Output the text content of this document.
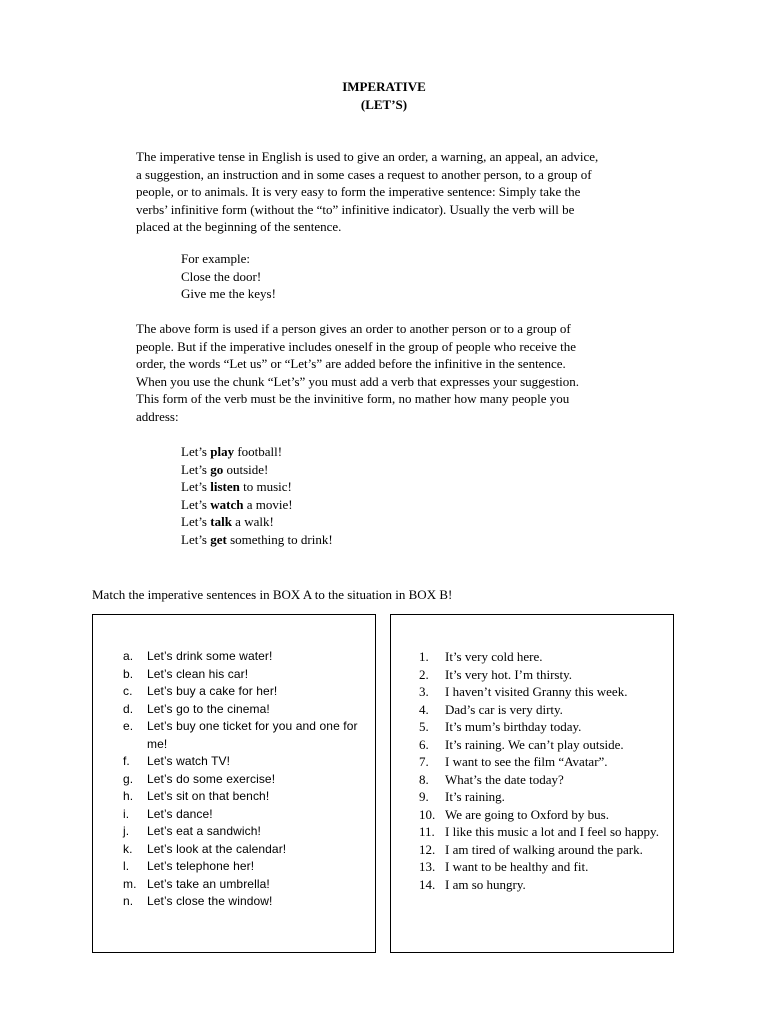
IMPERATIVE
(LET’S)
The imperative tense in English is used to give an order, a warning, an appeal, an advice,
a suggestion, an instruction and in some cases a request to another person, to a group of
people, or to animals. It is very easy to form the imperative sentence: Simply take the
verbs’ infinitive form (without the “to” infinitive indicator). Usually the verb will be
placed at the beginning of the sentence.
For example:
Close the door!
Give me the keys!
The above form is used if a person gives an order to another person or to a group of
people. But if the imperative includes oneself in the group of people who receive the
order, the words “Let us” or “Let’s” are added before the infinitive in the sentence.
When you use the chunk “Let’s” you must add a verb that expresses your suggestion.
This form of the verb must be the invinitive form, no mather how many people you
address:
Let’s play football!
Let’s go outside!
Let’s listen to music!
Let’s watch a movie!
Let’s talk a walk!
Let’s get something to drink!
Match the imperative sentences in BOX A to the situation in BOX B!
a. Let’s drink some water!
b. Let’s clean his car!
c. Let’s buy a cake for her!
d. Let’s go to the cinema!
e. Let’s buy one ticket for you and one for me!
f. Let’s watch TV!
g. Let’s do some exercise!
h. Let’s sit on that bench!
i. Let’s dance!
j. Let’s eat a sandwich!
k. Let’s look at the calendar!
l. Let’s telephone her!
m. Let’s take an umbrella!
n. Let’s close the window!
1. It’s very cold here.
2. It’s very hot. I’m thirsty.
3. I haven’t visited Granny this week.
4. Dad’s car is very dirty.
5. It’s mum’s birthday today.
6. It’s raining. We can’t play outside.
7. I want to see the film “Avatar”.
8. What’s the date today?
9. It’s raining.
10. We are going to Oxford by bus.
11. I like this music a lot and I feel so happy.
12. I am tired of walking around the park.
13. I want to be healthy and fit.
14. I am so hungry.
